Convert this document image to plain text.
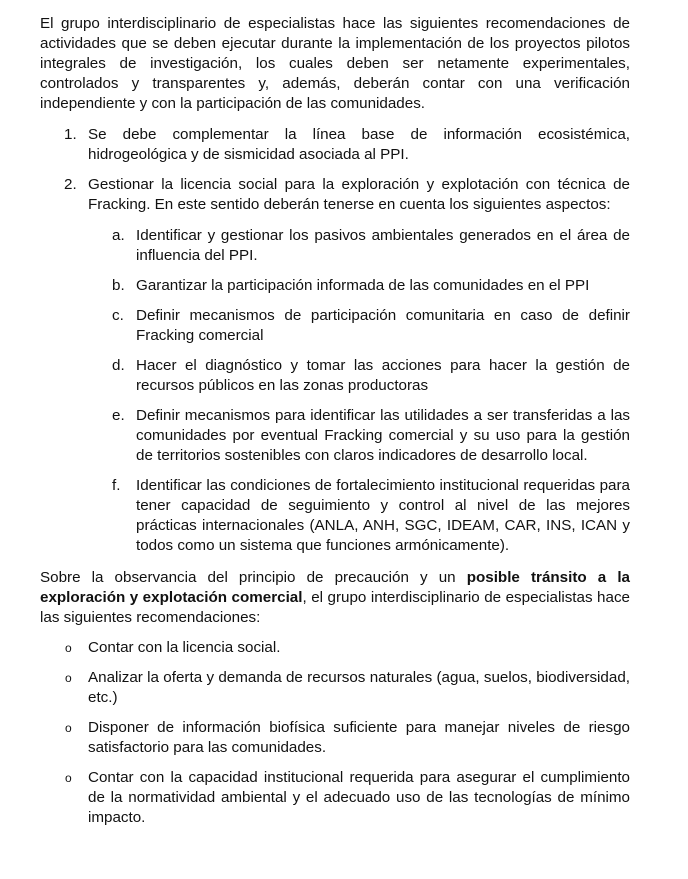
El grupo interdisciplinario de especialistas hace las siguientes recomendaciones de actividades que se deben ejecutar durante la implementación de los proyectos pilotos integrales de investigación, los cuales deben ser netamente experimentales, controlados y transparentes y, además, deberán contar con una verificación independiente y con la participación de las comunidades.

1. Se debe complementar la línea base de información ecosistémica, hidrogeológica y de sismicidad asociada al PPI.
2. Gestionar la licencia social para la exploración y explotación con técnica de Fracking. En este sentido deberán tenerse en cuenta los siguientes aspectos:
a. Identificar y gestionar los pasivos ambientales generados en el área de influencia del PPI.
b. Garantizar la participación informada de las comunidades en el PPI
c. Definir mecanismos de participación comunitaria en caso de definir Fracking comercial
d. Hacer el diagnóstico y tomar las acciones para hacer la gestión de recursos públicos en las zonas productoras
e. Definir mecanismos para identificar las utilidades a ser transferidas a las comunidades por eventual Fracking comercial y su uso para la gestión de territorios sostenibles con claros indicadores de desarrollo local.
f. Identificar las condiciones de fortalecimiento institucional requeridas para tener capacidad de seguimiento y control al nivel de las mejores prácticas internacionales (ANLA, ANH, SGC, IDEAM, CAR, INS, ICAN y todos como un sistema que funciones armónicamente).

Sobre la observancia del principio de precaución y un posible tránsito a la exploración y explotación comercial, el grupo interdisciplinario de especialistas hace las siguientes recomendaciones:

o Contar con la licencia social.
o Analizar la oferta y demanda de recursos naturales (agua, suelos, biodiversidad, etc.)
o Disponer de información biofísica suficiente para manejar niveles de riesgo satisfactorio para las comunidades.
o Contar con la capacidad institucional requerida para asegurar el cumplimiento de la normatividad ambiental y el adecuado uso de las tecnologías de mínimo impacto.
